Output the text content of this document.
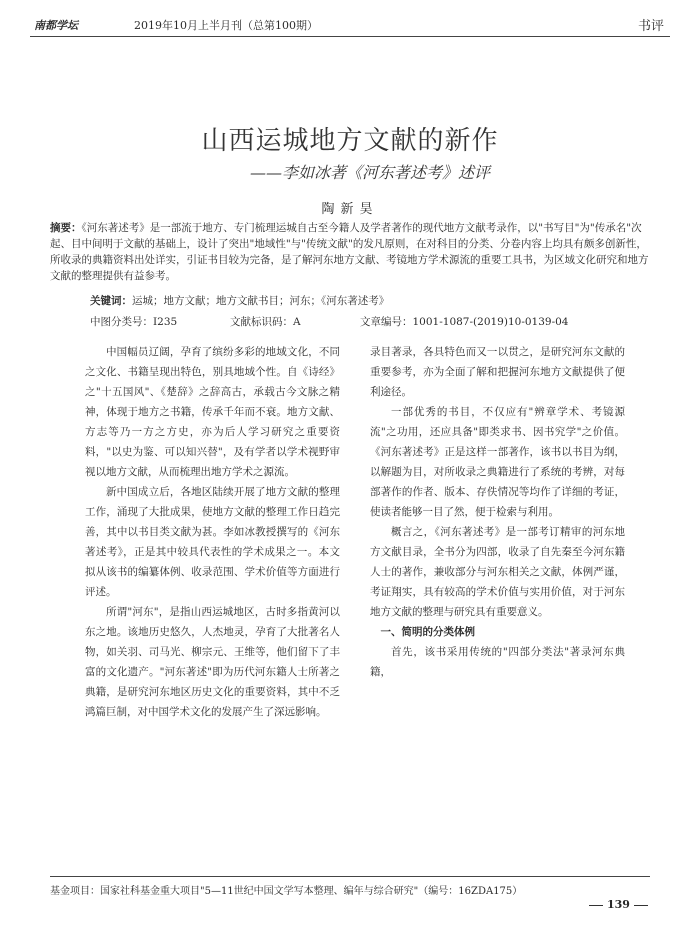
南都学坛	2019年10月上半月刊（总第100期）	书评
山西运城地方文献的新作
——李如冰著《河东著述考》述评
陶新昊
摘要：《河东著述考》是一部流于地方、专门梳理运城自古至今籍人及学者著作的现代地方文献考录作，以"书写目"为"传承名"次起、目中间明于文献的基础上，设计了突出"地域性"与"传统文献"的发凡原则，在对科目的分类、分卷内容上均具有颇多创新性，所收录的典籍资料出处详实，引证书目较为完备，是了解河东地方文献、考镜地方学术源流的重要工具书，为区域文化研究和地方文献的整理提供有益参考。
关键词：运城；地方文献；地方文献书目；河东；《河东著述考》
中图分类号：I235	文献标识码：A	文章编号：1001-1087-(2019)10-0139-04

中国幅员辽阔，孕育了缤纷多彩的地域文化，不同之文化、书籍呈现出特色，别具地域个性。自《诗经》之"十五国风"、《楚辞》之辞高古，承载古今文脉之精神，体现于地方之书籍，传承千年而不衰。地方文献、方志等乃一方之方史，亦为后人学习研究之重要资料，"以史为鉴、可以知兴替"，及有学者以学术视野审视以地方文献，从而梳理出地方学术之源流。

新中国成立后，各地区陆续开展了地方文献的整理工作，涌现了大批成果，使地方文献的整理工作日趋完善，其中以书目类文献为甚。李如冰教授撰写的《河东著述考》，正是其中较具代表性的学术成果之一。本文拟从该书的编纂体例、收录范围、学术价值等方面进行评述。

所谓"河东"，是指山西运城地区，古时多指黄河以东之地。该地历史悠久，人杰地灵，孕育了大批著名人物，如关羽、司马光、柳宗元、王维等，他们留下了丰富的文化遗产。"河东著述"即为历代河东籍人士所著之典籍，是研究河东地区历史文化的重要资料，其中不乏鸿篇巨制，对中国学术文化的发展产生了深远影响。

录目著录，各具特色而又一以贯之，是研究河东文献的重要参考，亦为全面了解和把握河东地方文献提供了便利途径。

一部优秀的书目，不仅应有"辨章学术、考镜源流"之功用，还应具备"即类求书、因书究学"之价值。《河东著述考》正是这样一部著作，该书以书目为纲，以解题为目，对所收录之典籍进行了系统的考辨，对每部著作的作者、版本、存佚情况等均作了详细的考证，使读者能够一目了然，便于检索与利用。

概言之，《河东著述考》是一部考订精审的河东地方文献目录，全书分为四部，收录了自先秦至今河东籍人士的著作，兼收部分与河东相关之文献，体例严谨，考证翔实，具有较高的学术价值与实用价值，对于河东地方文献的整理与研究具有重要意义。

一、简明的分类体例

首先，该书采用传统的"四部分类法"著录河东典籍，

基金项目：国家社科基金重大项目"5—11世纪中国文学写本整理、编年与综合研究"（编号：16ZDA175）
139
